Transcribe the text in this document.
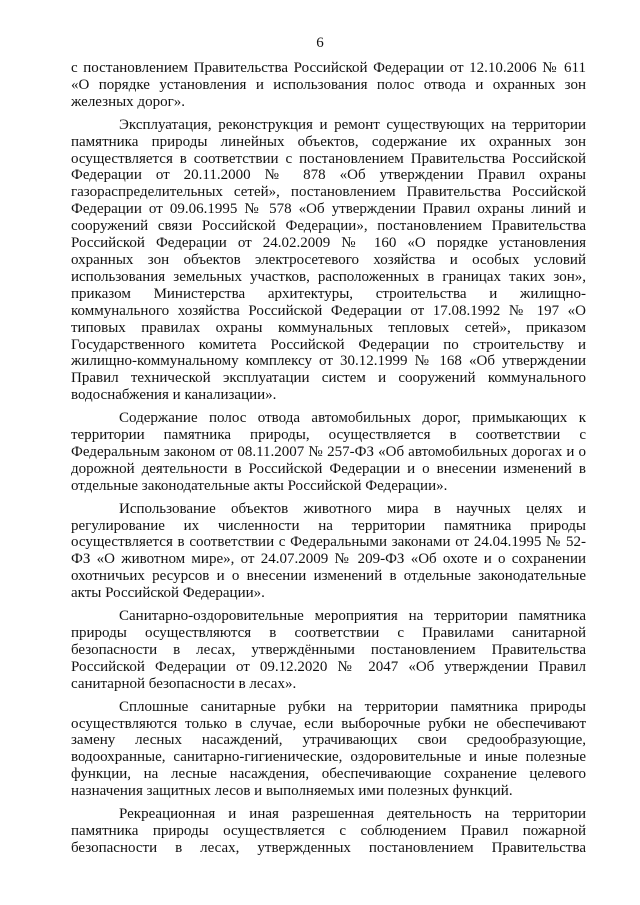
6

с постановлением Правительства Российской Федерации от 12.10.2006 № 611 «О порядке установления и использования полос отвода и охранных зон железных дорог».

Эксплуатация, реконструкция и ремонт существующих на территории памятника природы линейных объектов, содержание их охранных зон осуществляется в соответствии с постановлением Правительства Российской Федерации от 20.11.2000 № 878 «Об утверждении Правил охраны газораспределительных сетей», постановлением Правительства Российской Федерации от 09.06.1995 № 578 «Об утверждении Правил охраны линий и сооружений связи Российской Федерации», постановлением Правительства Российской Федерации от 24.02.2009 № 160 «О порядке установления охранных зон объектов электросетевого хозяйства и особых условий использования земельных участков, расположенных в границах таких зон», приказом Министерства архитектуры, строительства и жилищно-коммунального хозяйства Российской Федерации от 17.08.1992 № 197 «О типовых правилах охраны коммунальных тепловых сетей», приказом Государственного комитета Российской Федерации по строительству и жилищно-коммунальному комплексу от 30.12.1999 № 168 «Об утверждении Правил технической эксплуатации систем и сооружений коммунального водоснабжения и канализации».

Содержание полос отвода автомобильных дорог, примыкающих к территории памятника природы, осуществляется в соответствии с Федеральным законом от 08.11.2007 № 257-ФЗ «Об автомобильных дорогах и о дорожной деятельности в Российской Федерации и о внесении изменений в отдельные законодательные акты Российской Федерации».

Использование объектов животного мира в научных целях и регулирование их численности на территории памятника природы осуществляется в соответствии с Федеральными законами от 24.04.1995 № 52-ФЗ «О животном мире», от 24.07.2009 № 209-ФЗ «Об охоте и о сохранении охотничьих ресурсов и о внесении изменений в отдельные законодательные акты Российской Федерации».

Санитарно-оздоровительные мероприятия на территории памятника природы осуществляются в соответствии с Правилами санитарной безопасности в лесах, утверждёнными постановлением Правительства Российской Федерации от 09.12.2020 № 2047 «Об утверждении Правил санитарной безопасности в лесах».

Сплошные санитарные рубки на территории памятника природы осуществляются только в случае, если выборочные рубки не обеспечивают замену лесных насаждений, утрачивающих свои средообразующие, водоохранные, санитарно-гигиенические, оздоровительные и иные полезные функции, на лесные насаждения, обеспечивающие сохранение целевого назначения защитных лесов и выполняемых ими полезных функций.

Рекреационная и иная разрешенная деятельность на территории памятника природы осуществляется с соблюдением Правил пожарной безопасности в лесах, утвержденных постановлением Правительства
